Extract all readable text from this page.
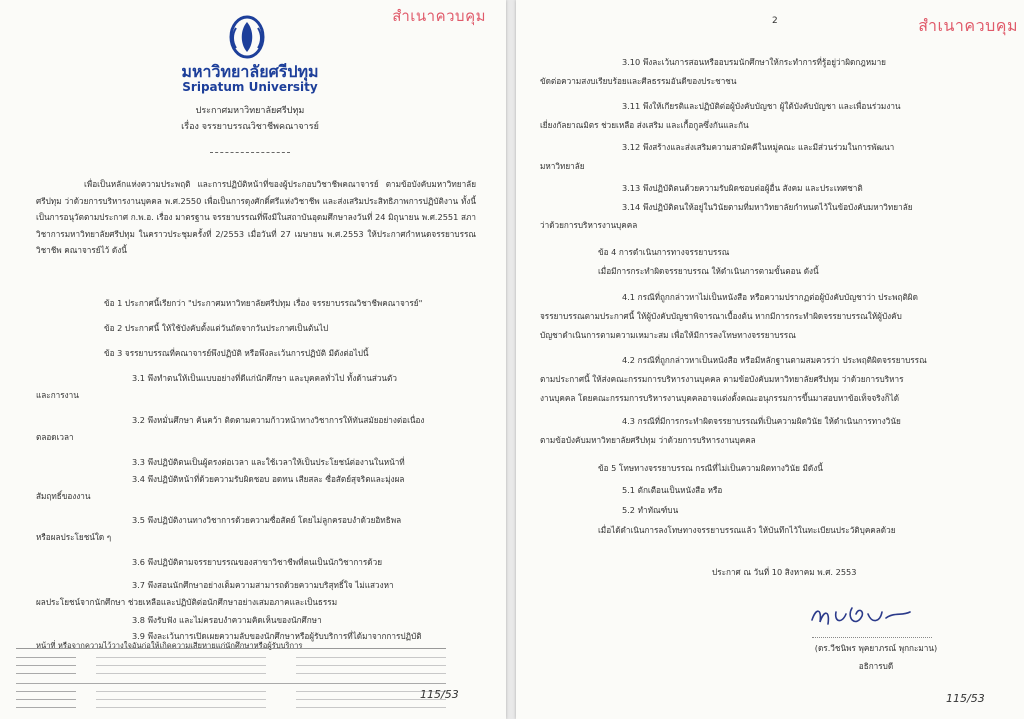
สำเนาควบคุม
มหาวิทยาลัยศรีปทุม
Sripatum University
ประกาศมหาวิทยาลัยศรีปทุม
เรื่อง จรรยาบรรณวิชาชีพคณาจารย์
เพื่อเป็นหลักแห่งความประพฤติ และการปฏิบัติหน้าที่ของผู้ประกอบวิชาชีพคณาจารย์ ตามข้อบังคับมหาวิทยาลัยศรีปทุม ว่าด้วยการบริหารงานบุคคล พ.ศ.2550 เพื่อเป็นการดุงศักดิ์ศรีแห่งวิชาชีพ และส่งเสริมประสิทธิภาพการปฏิบัติงาน ทั้งนี้เป็นการอนุวัตตามประกาศ ก.พ.อ. เรื่อง มาตรฐาน จรรยาบรรณที่พึงมีในสถาบันอุดมศึกษาลงวันที่ 24 มิถุนายน พ.ศ.2551 สภาวิชาการมหาวิทยาลัยศรีปทุม ในคราวประชุมครั้งที่ 2/2553 เมื่อวันที่ 27 เมษายน พ.ศ.2553 ให้ประกาศกำหนดจรรยาบรรณวิชาชีพ คณาจารย์ไว้ ดังนี้
ข้อ 1 ประกาศนี้เรียกว่า "ประกาศมหาวิทยาลัยศรีปทุม เรื่อง จรรยาบรรณวิชาชีพคณาจารย์"
ข้อ 2 ประกาศนี้ ให้ใช้บังคับตั้งแต่วันถัดจากวันประกาศเป็นต้นไป
ข้อ 3 จรรยาบรรณที่คณาจารย์พึงปฏิบัติ หรือพึงละเว้นการปฏิบัติ มีดังต่อไปนี้
3.1 พึงทำตนให้เป็นแบบอย่างที่ดีแก่นักศึกษา และบุคคลทั่วไป ทั้งด้านส่วนตัว
และการงาน
3.2 พึงหมั่นศึกษา ค้นคว้า ติดตามความก้าวหน้าทางวิชาการให้ทันสมัยอย่างต่อเนื่อง
ตลอดเวลา
3.3 พึงปฏิบัติตนเป็นผู้ตรงต่อเวลา และใช้เวลาให้เป็นประโยชน์ต่องานในหน้าที่
3.4 พึงปฏิบัติหน้าที่ด้วยความรับผิดชอบ อดทน เสียสละ ซื่อสัตย์สุจริตและมุ่งผล
สัมฤทธิ์ของงาน
3.5 พึงปฏิบัติงานทางวิชาการด้วยความซื่อสัตย์ โดยไม่ลูกครอบงำด้วยอิทธิพล
หรือผลประโยชน์ใด ๆ
3.6 พึงปฏิบัติตามจรรยาบรรณของสาขาวิชาชีพที่ตนเป็นนักวิชาการด้วย
3.7 พึงสอนนักศึกษาอย่างเต็มความสามารถด้วยความบริสุทธิ์ใจ ไม่แสวงหา
ผลประโยชน์จากนักศึกษา ช่วยเหลือและปฏิบัติต่อนักศึกษาอย่างเสมอภาคและเป็นธรรม
3.8 พึงรับฟัง และไม่ครอบงำความคิดเห็นของนักศึกษา
3.9 พึงละเว้นการเปิดเผยความลับของนักศึกษาหรือผู้รับบริการที่ได้มาจากการปฏิบัติ
หน้าที่ หรือจากความไว้วางใจอันก่อให้เกิดความเสียหายแก่นักศึกษาหรือผู้รับบริการ
115/53
2	สำเนาควบคุม
3.10 พึงละเว้นการสอนหรืออบรมนักศึกษาให้กระทำการที่รู้อยู่ว่าผิดกฎหมาย
ขัดต่อความสงบเรียบร้อยและศีลธรรมอันดีของประชาชน
3.11 พึงให้เกียรติและปฏิบัติต่อผู้บังคับบัญชา ผู้ใต้บังคับบัญชา และเพื่อนร่วมงาน
เยี่ยงกัลยาณมิตร ช่วยเหลือ ส่งเสริม และเกื้อกูลซึ่งกันและกัน
3.12 พึงสร้างและส่งเสริมความสามัคคีในหมู่คณะ และมีส่วนร่วมในการพัฒนา
มหาวิทยาลัย
3.13 พึงปฏิบัติตนด้วยความรับผิดชอบต่อผู้อื่น สังคม และประเทศชาติ
3.14 พึงปฏิบัติตนให้อยู่ในวินัยตามที่มหาวิทยาลัยกำหนดไว้ในข้อบังคับมหาวิทยาลัย
ว่าด้วยการบริหารงานบุคคล
ข้อ 4 การดำเนินการทางจรรยาบรรณ
เมื่อมีการกระทำผิดจรรยาบรรณ ให้ดำเนินการตามขั้นตอน ดังนี้
4.1 กรณีที่ถูกกล่าวหาไม่เป็นหนังสือ หรือความปรากฏต่อผู้บังคับบัญชาว่า ประพฤติผิด
จรรยาบรรณตามประกาศนี้ ให้ผู้บังคับบัญชาพิจารณาเบื้องต้น หากมีการกระทำผิดจรรยาบรรณให้ผู้บังคับ
บัญชาดำเนินการตามความเหมาะสม เพื่อให้มีการลงโทษทางจรรยาบรรณ
4.2 กรณีที่ถูกกล่าวหาเป็นหนังสือ หรือมีหลักฐานตามสมควรว่า ประพฤติผิดจรรยาบรรณ
ตามประกาศนี้ ให้ส่งคณะกรรมการบริหารงานบุคคล ตามข้อบังคับมหาวิทยาลัยศรีปทุม ว่าด้วยการบริหาร
งานบุคคล โดยคณะกรรมการบริหารงานบุคคลอาจแต่งตั้งคณะอนุกรรมการขึ้นมาสอบหาข้อเท็จจริงก็ได้
4.3 กรณีที่มีการกระทำผิดจรรยาบรรณที่เป็นความผิดวินัย ให้ดำเนินการทางวินัย
ตามข้อบังคับมหาวิทยาลัยศรีปทุม ว่าด้วยการบริหารงานบุคคล
ข้อ 5 โทษทางจรรยาบรรณ กรณีที่ไม่เป็นความผิดทางวินัย มีดังนี้
5.1 ตักเตือนเป็นหนังสือ หรือ
5.2 ทำทัณฑ์บน
เมื่อได้ดำเนินการลงโทษทางจรรยาบรรณแล้ว ให้บันทึกไว้ในทะเบียนประวัติบุคคลด้วย
ประกาศ ณ วันที่ 10 สิงหาคม พ.ศ. 2553
(ดร.วีชนิพร พุคยาภรณ์ พุกกะมาน)
อธิการบดี
115/53
